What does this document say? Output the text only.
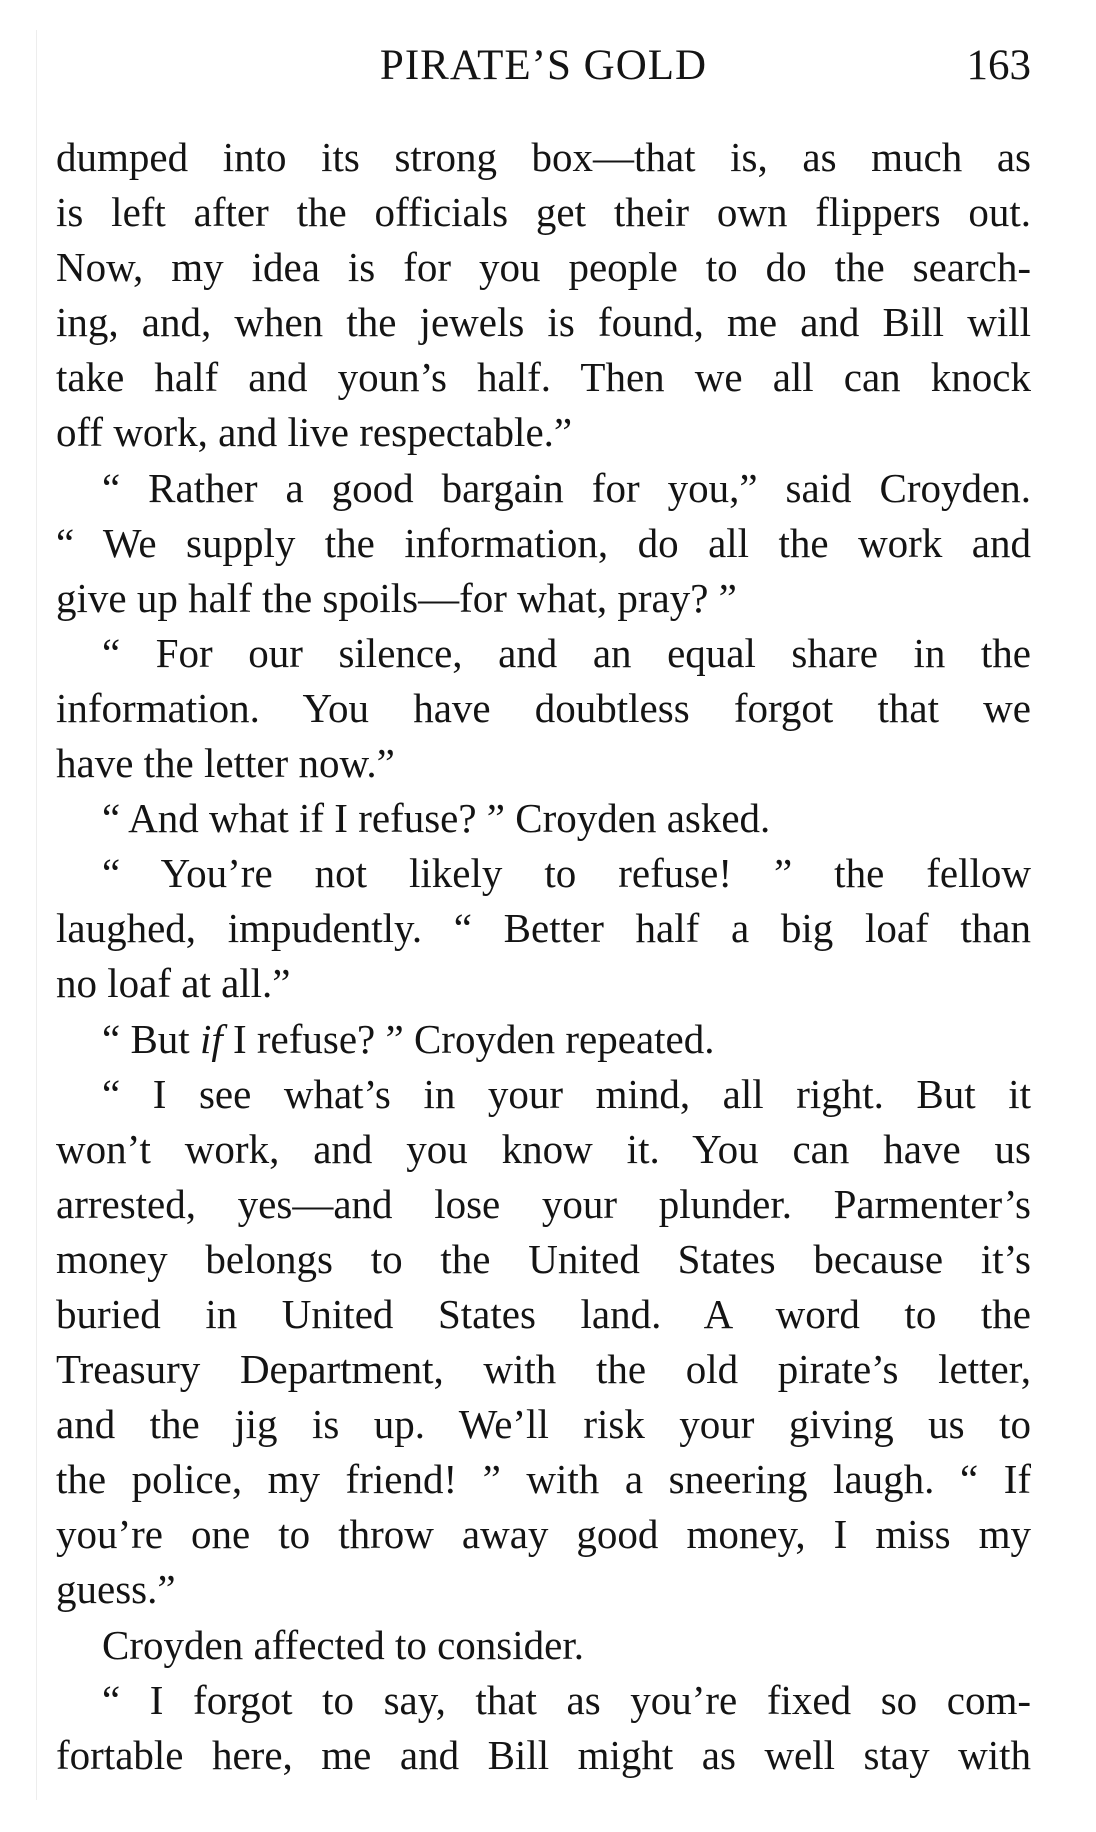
PIRATE’S GOLD	163
dumped into its strong box—that is, as much as
is left after the officials get their own flippers out.
Now, my idea is for you people to do the search-
ing, and, when the jewels is found, me and Bill will
take half and youn’s half. Then we all can knock
off work, and live respectable.”
“ Rather a good bargain for you,” said Croyden.
“ We supply the information, do all the work and
give up half the spoils—for what, pray? ”
“ For our silence, and an equal share in the
information. You have doubtless forgot that we
have the letter now.”
“ And what if I refuse? ” Croyden asked.
“ You’re not likely to refuse! ” the fellow
laughed, impudently. “ Better half a big loaf than
no loaf at all.”
“ But if I refuse? ” Croyden repeated.
“ I see what’s in your mind, all right. But it
won’t work, and you know it. You can have us
arrested, yes—and lose your plunder. Parmenter’s
money belongs to the United States because it’s
buried in United States land. A word to the
Treasury Department, with the old pirate’s letter,
and the jig is up. We’ll risk your giving us to
the police, my friend! ” with a sneering laugh. “ If
you’re one to throw away good money, I miss my
guess.”
Croyden affected to consider.
“ I forgot to say, that as you’re fixed so com-
fortable here, me and Bill might as well stay with
